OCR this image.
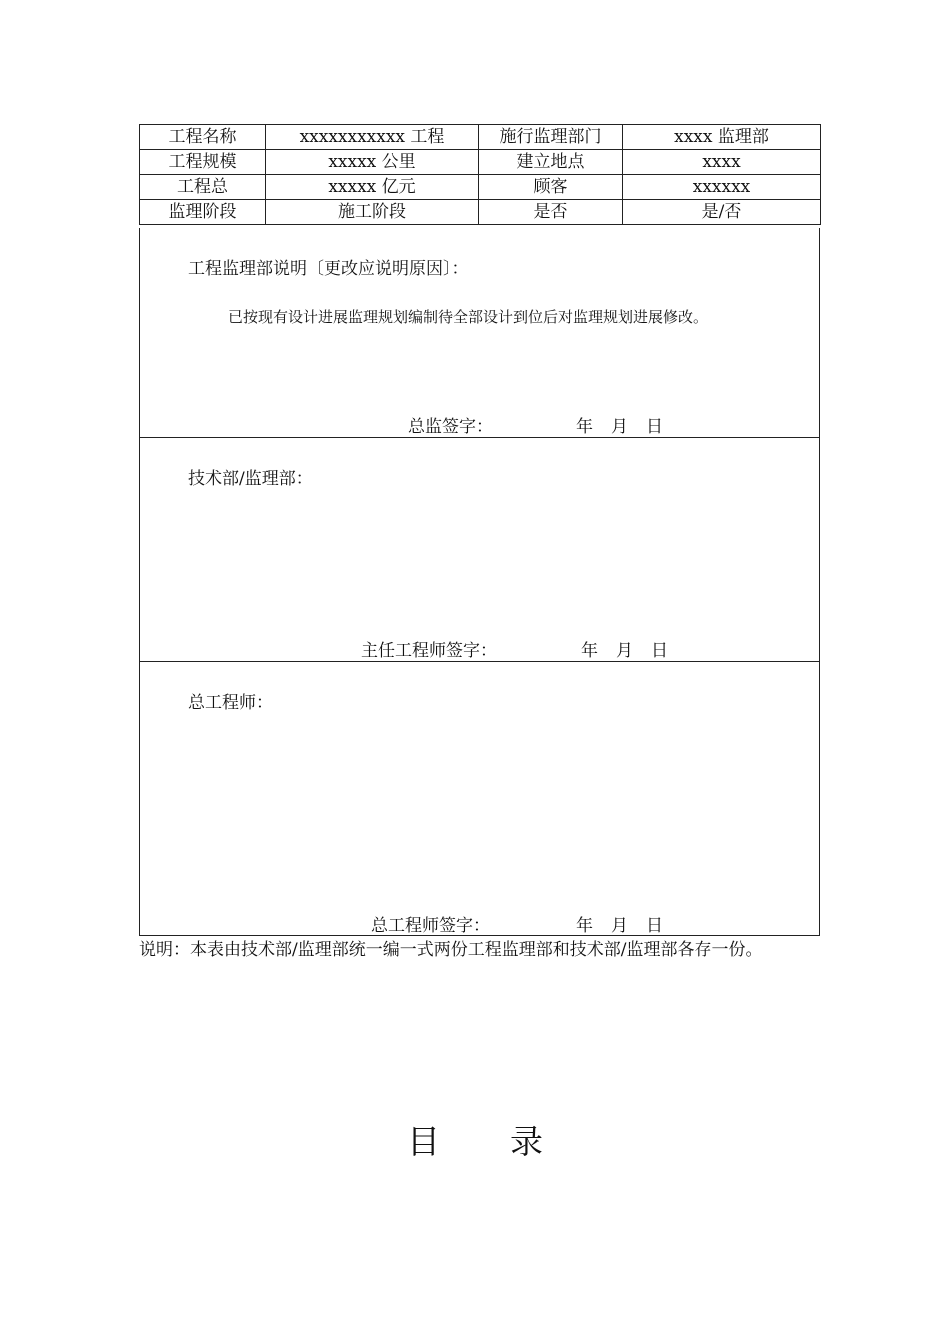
工程名称	xxxxxxxxxxx 工程	施行监理部门	xxxx 监理部
工程规模	xxxxx 公里	建立地点	xxxx
工程总	xxxxx 亿元	顾客	xxxxxx
监理阶段	施工阶段	是否	是/否
工程监理部说明〔更改应说明原因〕：
已按现有设计进展监理规划编制待全部设计到位后对监理规划进展修改。
总监签字：	年 月 日
技术部/监理部：
主任工程师签字：	年 月 日
总工程师：
总工程师签字：	年 月 日
说明：本表由技术部/监理部统一编一式两份工程监理部和技术部/监理部各存一份。
目录
